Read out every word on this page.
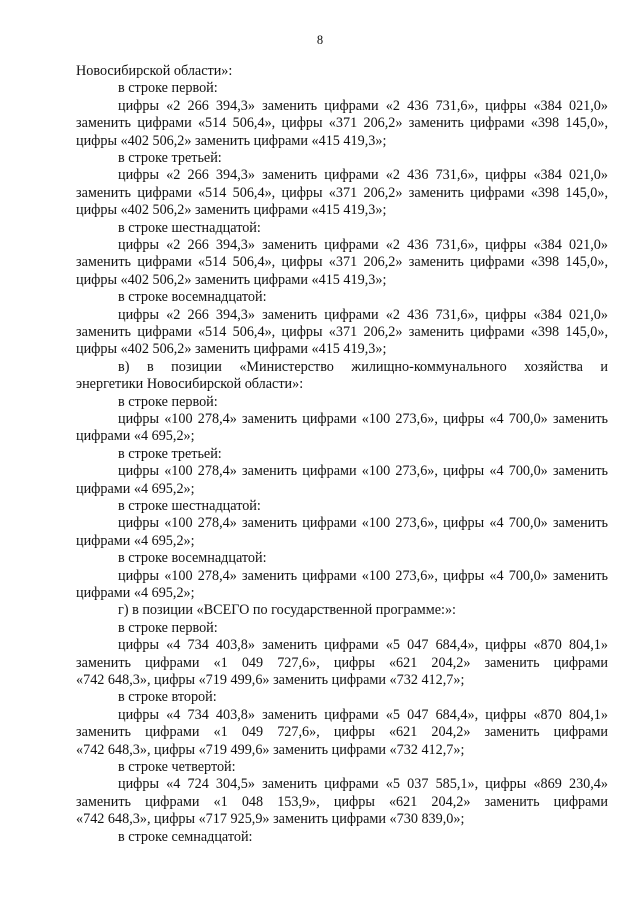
8
Новосибирской области»:
в строке первой:
цифры «2 266 394,3» заменить цифрами «2 436 731,6», цифры «384 021,0»
заменить цифрами «514 506,4», цифры «371 206,2» заменить цифрами «398 145,0»,
цифры «402 506,2» заменить цифрами «415 419,3»;
в строке третьей:
цифры «2 266 394,3» заменить цифрами «2 436 731,6», цифры «384 021,0»
заменить цифрами «514 506,4», цифры «371 206,2» заменить цифрами «398 145,0»,
цифры «402 506,2» заменить цифрами «415 419,3»;
в строке шестнадцатой:
цифры «2 266 394,3» заменить цифрами «2 436 731,6», цифры «384 021,0»
заменить цифрами «514 506,4», цифры «371 206,2» заменить цифрами «398 145,0»,
цифры «402 506,2» заменить цифрами «415 419,3»;
в строке восемнадцатой:
цифры «2 266 394,3» заменить цифрами «2 436 731,6», цифры «384 021,0»
заменить цифрами «514 506,4», цифры «371 206,2» заменить цифрами «398 145,0»,
цифры «402 506,2» заменить цифрами «415 419,3»;
в) в позиции «Министерство жилищно-коммунального хозяйства и
энергетики Новосибирской области»:
в строке первой:
цифры «100 278,4» заменить цифрами «100 273,6», цифры «4 700,0» заменить
цифрами «4 695,2»;
в строке третьей:
цифры «100 278,4» заменить цифрами «100 273,6», цифры «4 700,0» заменить
цифрами «4 695,2»;
в строке шестнадцатой:
цифры «100 278,4» заменить цифрами «100 273,6», цифры «4 700,0» заменить
цифрами «4 695,2»;
в строке восемнадцатой:
цифры «100 278,4» заменить цифрами «100 273,6», цифры «4 700,0» заменить
цифрами «4 695,2»;
г) в позиции «ВСЕГО по государственной программе:»:
в строке первой:
цифры «4 734 403,8» заменить цифрами «5 047 684,4», цифры «870 804,1»
заменить цифрами «1 049 727,6», цифры «621 204,2» заменить цифрами
«742 648,3», цифры «719 499,6» заменить цифрами «732 412,7»;
в строке второй:
цифры «4 734 403,8» заменить цифрами «5 047 684,4», цифры «870 804,1»
заменить цифрами «1 049 727,6», цифры «621 204,2» заменить цифрами
«742 648,3», цифры «719 499,6» заменить цифрами «732 412,7»;
в строке четвертой:
цифры «4 724 304,5» заменить цифрами «5 037 585,1», цифры «869 230,4»
заменить цифрами «1 048 153,9», цифры «621 204,2» заменить цифрами
«742 648,3», цифры «717 925,9» заменить цифрами «730 839,0»;
в строке семнадцатой:
